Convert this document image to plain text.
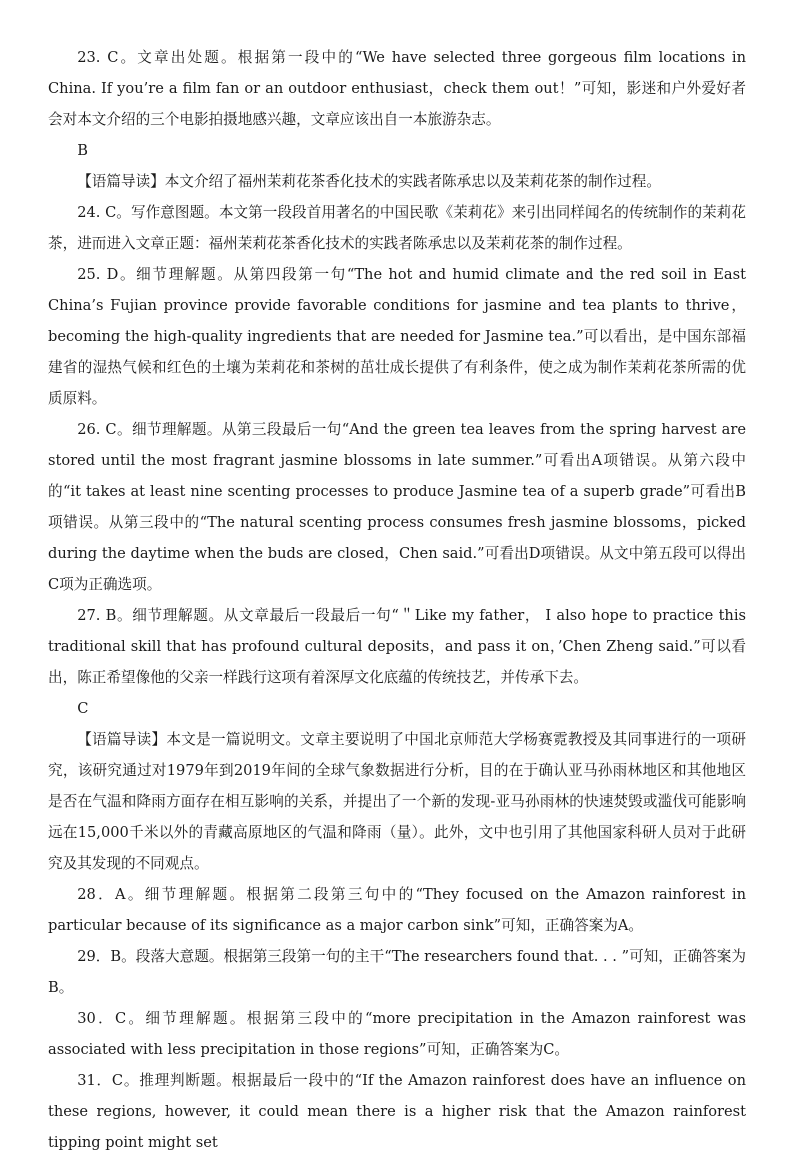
23. C。文章出处题。根据第一段中的“We have selected three gorgeous film locations in China. If you’re a film fan or an outdoor enthusiast，check them out！”可知，影迷和户外爱好者会对本文介绍的三个电影拍摄地感兴趣，文章应该出自一本旅游杂志。

B

【语篇导读】本文介绍了福州茉莉花茶香化技术的实践者陈承忠以及茉莉花茶的制作过程。

24. C。写作意图题。本文第一段段首用著名的中国民歌《茉莉花》来引出同样闻名的传统制作的茉莉花茶，进而进入文章正题：福州茉莉花茶香化技术的实践者陈承忠以及茉莉花茶的制作过程。

25. D。细节理解题。从第四段第一句“The hot and humid climate and the red soil in East China’s Fujian province provide favorable conditions for jasmine and tea plants to thrive， becoming the high-quality ingredients that are needed for Jasmine tea.”可以看出，是中国东部福建省的湿热气候和红色的土壤为茉莉花和茶树的茁壮成长提供了有利条件，使之成为制作茉莉花茶所需的优质原料。

26. C。细节理解题。从第三段最后一句“And the green tea leaves from the spring harvest are stored until the most fragrant jasmine blossoms in late summer.”可看出A项错误。从第六段中的“it takes at least nine scenting processes to produce Jasmine tea of a superb grade”可看出B项错误。从第三段中的“The natural scenting process consumes fresh jasmine blossoms，picked during the daytime when the buds are closed，Chen said.”可看出D项错误。从文中第五段可以得出C项为正确选项。

27. B。细节理解题。从文章最后一段最后一句“＂Like my father， I also hope to practice this traditional skill that has profound cultural deposits，and pass it on，’Chen Zheng said.”可以看出，陈正希望像他的父亲一样践行这项有着深厚文化底蕴的传统技艺，并传承下去。

C

【语篇导读】本文是一篇说明文。文章主要说明了中国北京师范大学杨赛霓教授及其同事进行的一项研究，该研究通过对1979年到2019年间的全球气象数据进行分析，目的在于确认亚马孙雨林地区和其他地区是否在气温和降雨方面存在相互影响的关系，并提出了一个新的发现-亚马孙雨林的快速焚毁或滥伐可能影响远在15,000千米以外的青藏高原地区的气温和降雨（量）。此外，文中也引用了其他国家科研人员对于此研究及其发现的不同观点。

28．A。细节理解题。根据第二段第三句中的“They focused on the Amazon rainforest in particular because of its significance as a major carbon sink”可知，正确答案为A。

29．B。段落大意题。根据第三段第一句的主干“The researchers found that. . . ”可知，正确答案为B。

30．C。细节理解题。根据第三段中的“more precipitation in the Amazon rainforest was associated with less precipitation in those regions”可知，正确答案为C。

31．C。推理判断题。根据最后一段中的“If the Amazon rainforest does have an influence on these regions, however, it could mean there is a higher risk that the Amazon rainforest tipping point might set
